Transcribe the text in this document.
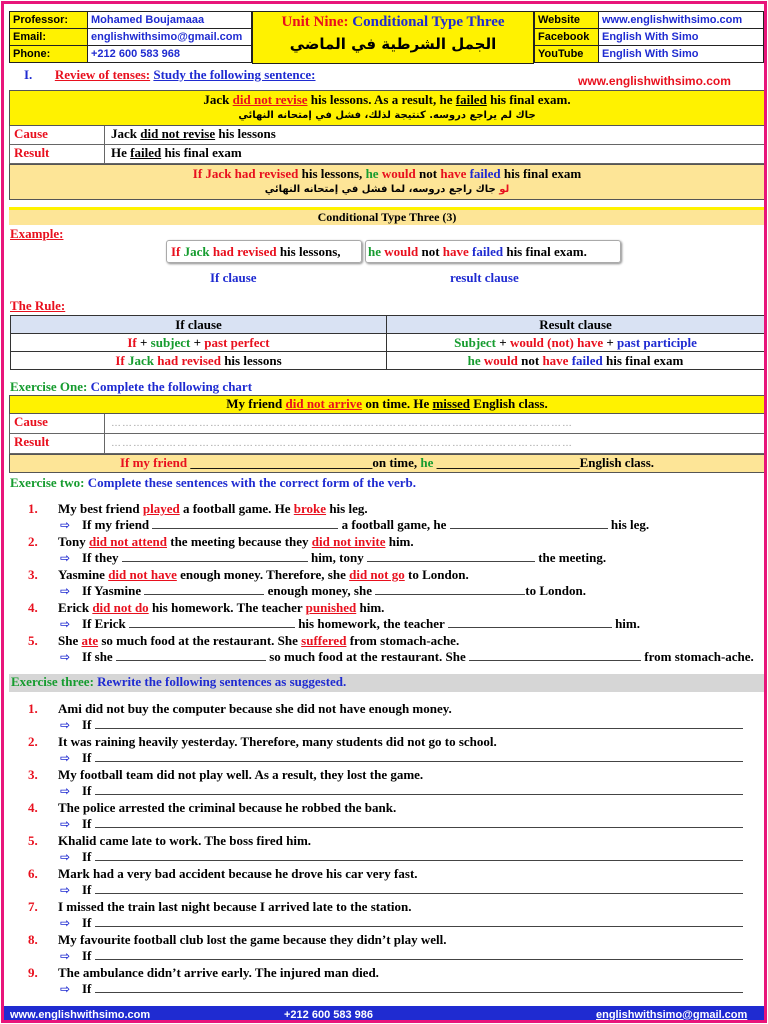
Professor:	Mohamed Boujamaaa
Email:	englishwithsimo@gmail.com
Phone:	+212 600 583 968
Unit Nine: Conditional Type Three
الجمل الشرطية في الماضي
Website	www.englishwithsimo.com
Facebook	English With Simo
YouTube	English With Simo
I. Review of tenses: Study the following sentence:	www.englishwithsimo.com
Jack did not revise his lessons. As a result, he failed his final exam.
جاك لم يراجع دروسه. كنتيجة لذلك، فشل في إمتحانه النهائي
Cause	Jack did not revise his lessons
Result	He failed his final exam
If Jack had revised his lessons, he would not have failed his final exam
لو جاك راجع دروسه، لما فشل في إمتحانه النهائي
Conditional Type Three (3)
Example:
If Jack had revised his lessons,	he would not have failed his final exam.
If clause	result clause
The Rule:
If clause	Result clause
If + subject + past perfect	Subject + would (not) have + past participle
If Jack had revised his lessons	he would not have failed his final exam
Exercise One: Complete the following chart
My friend did not arrive on time. He missed English class.
Cause	………………………………………………………………………………………………………………
Result	………………………………………………………………………………………………………………
If my friend ____________________________on time, he ______________________English class.
Exercise two: Complete these sentences with the correct form of the verb.
1. My best friend played a football game. He broke his leg.
⇨ If my friend	a football game, he	his leg.
2. Tony did not attend the meeting because they did not invite him.
⇨ If they	him, tony	the meeting.
3. Yasmine did not have enough money. Therefore, she did not go to London.
⇨ If Yasmine	enough money, she	to London.
4. Erick did not do his homework. The teacher punished him.
⇨ If Erick	his homework, the teacher	him.
5. She ate so much food at the restaurant. She suffered from stomach-ache.
⇨ If she	so much food at the restaurant. She	from stomach-ache.
Exercise three: Rewrite the following sentences as suggested.
1. Ami did not buy the computer because she did not have enough money.
⇨ If
2. It was raining heavily yesterday. Therefore, many students did not go to school.
⇨ If
3. My football team did not play well. As a result, they lost the game.
⇨ If
4. The police arrested the criminal because he robbed the bank.
⇨ If
5. Khalid came late to work. The boss fired him.
⇨ If
6. Mark had a very bad accident because he drove his car very fast.
⇨ If
7. I missed the train last night because I arrived late to the station.
⇨ If
8. My favourite football club lost the game because they didn’t play well.
⇨ If
9. The ambulance didn’t arrive early. The injured man died.
⇨ If
www.englishwithsimo.com	+212 600 583 986	englishwithsimo@gmail.com
